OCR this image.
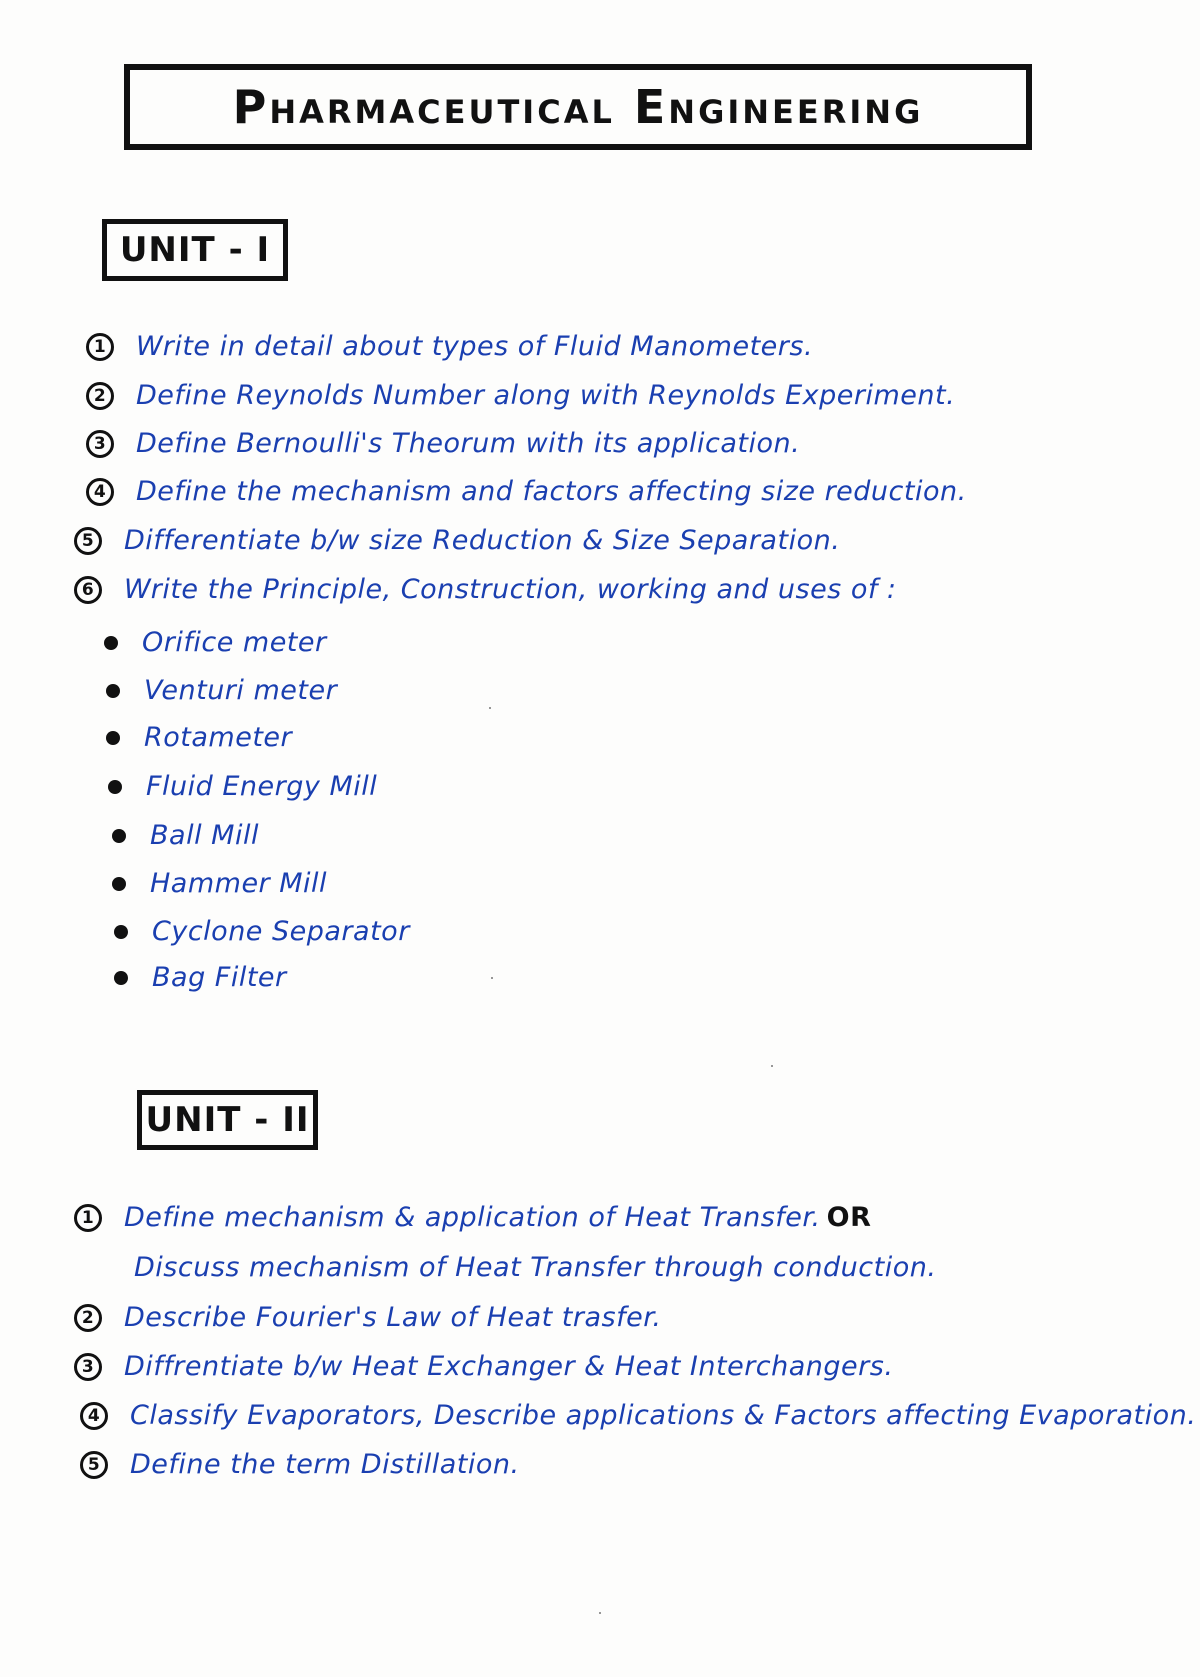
Pharmaceutical Engineering
UNIT - I
1 Write in detail about types of Fluid Manometers.
2 Define Reynolds Number along with Reynolds Experiment.
3 Define Bernoulli's Theorum with its application.
4 Define the mechanism and factors affecting size reduction.
5 Differentiate b/w size Reduction & Size Separation.
6 Write the Principle, Construction, working and uses of :
Orifice meter
Venturi meter
Rotameter
Fluid Energy Mill
Ball Mill
Hammer Mill
Cyclone Separator
Bag Filter
UNIT - II
1 Define mechanism & application of Heat Transfer. OR
Discuss mechanism of Heat Transfer through conduction.
2 Describe Fourier's Law of Heat trasfer.
3 Diffrentiate b/w Heat Exchanger & Heat Interchangers.
4 Classify Evaporators, Describe applications & Factors affecting Evaporation.
5 Define the term Distillation.
